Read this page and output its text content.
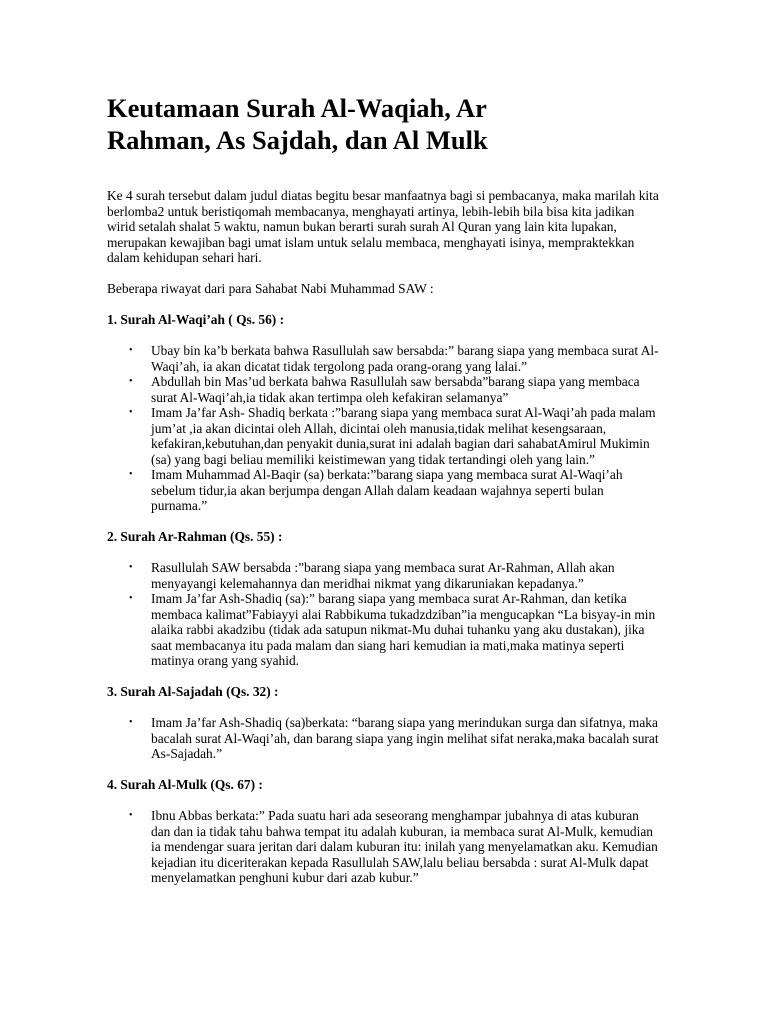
Keutamaan Surah Al-Waqiah, Ar Rahman, As Sajdah, dan Al Mulk

Ke 4 surah tersebut dalam judul diatas begitu besar manfaatnya bagi si pembacanya, maka marilah kita berlomba2 untuk beristiqomah membacanya, menghayati artinya, lebih-lebih bila bisa kita jadikan wirid setalah shalat 5 waktu, namun bukan berarti surah surah Al Quran yang lain kita lupakan, merupakan kewajiban bagi umat islam untuk selalu membaca, menghayati isinya, mempraktekkan dalam kehidupan sehari hari.

Beberapa riwayat dari para Sahabat Nabi Muhammad SAW :

1. Surah Al-Waqi’ah ( Qs. 56) :

• Ubay bin ka’b berkata bahwa Rasullulah saw bersabda:” barang siapa yang membaca surat Al-Waqi’ah, ia akan dicatat tidak tergolong pada orang-orang yang lalai.”
• Abdullah bin Mas’ud berkata bahwa Rasullulah saw bersabda”barang siapa yang membaca surat Al-Waqi’ah,ia tidak akan tertimpa oleh kefakiran selamanya”
• Imam Ja’far Ash- Shadiq berkata :”barang siapa yang membaca surat Al-Waqi’ah pada malam jum’at ,ia akan dicintai oleh Allah, dicintai oleh manusia,tidak melihat kesengsaraan, kefakiran,kebutuhan,dan penyakit dunia,surat ini adalah bagian dari sahabatAmirul Mukimin (sa) yang bagi beliau memiliki keistimewan yang tidak tertandingi oleh yang lain.”
• Imam Muhammad Al-Baqir (sa) berkata:”barang siapa yang membaca surat Al-Waqi’ah sebelum tidur,ia akan berjumpa dengan Allah dalam keadaan wajahnya seperti bulan purnama.”

2. Surah Ar-Rahman (Qs. 55) :

• Rasullulah SAW bersabda :”barang siapa yang membaca surat Ar-Rahman, Allah akan menyayangi kelemahannya dan meridhai nikmat yang dikaruniakan kepadanya.”
• Imam Ja’far Ash-Shadiq (sa):” barang siapa yang membaca surat Ar-Rahman, dan ketika membaca kalimat”Fabiayyi alai Rabbikuma tukadzdziban”ia mengucapkan “La bisyay-in min alaika rabbi akadzibu (tidak ada satupun nikmat-Mu duhai tuhanku yang aku dustakan), jika saat membacanya itu pada malam dan siang hari kemudian ia mati,maka matinya seperti matinya orang yang syahid.

3. Surah Al-Sajadah (Qs. 32) :

• Imam Ja’far Ash-Shadiq (sa)berkata: “barang siapa yang merindukan surga dan sifatnya, maka bacalah surat Al-Waqi’ah, dan barang siapa yang ingin melihat sifat neraka,maka bacalah surat As-Sajadah.”

4. Surah Al-Mulk (Qs. 67) :

• Ibnu Abbas berkata:” Pada suatu hari ada seseorang menghampar jubahnya di atas kuburan dan dan ia tidak tahu bahwa tempat itu adalah kuburan, ia membaca surat Al-Mulk, kemudian ia mendengar suara jeritan dari dalam kuburan itu: inilah yang menyelamatkan aku. Kemudian kejadian itu diceriterakan kepada Rasullulah SAW,lalu beliau bersabda : surat Al-Mulk dapat menyelamatkan penghuni kubur dari azab kubur.”
